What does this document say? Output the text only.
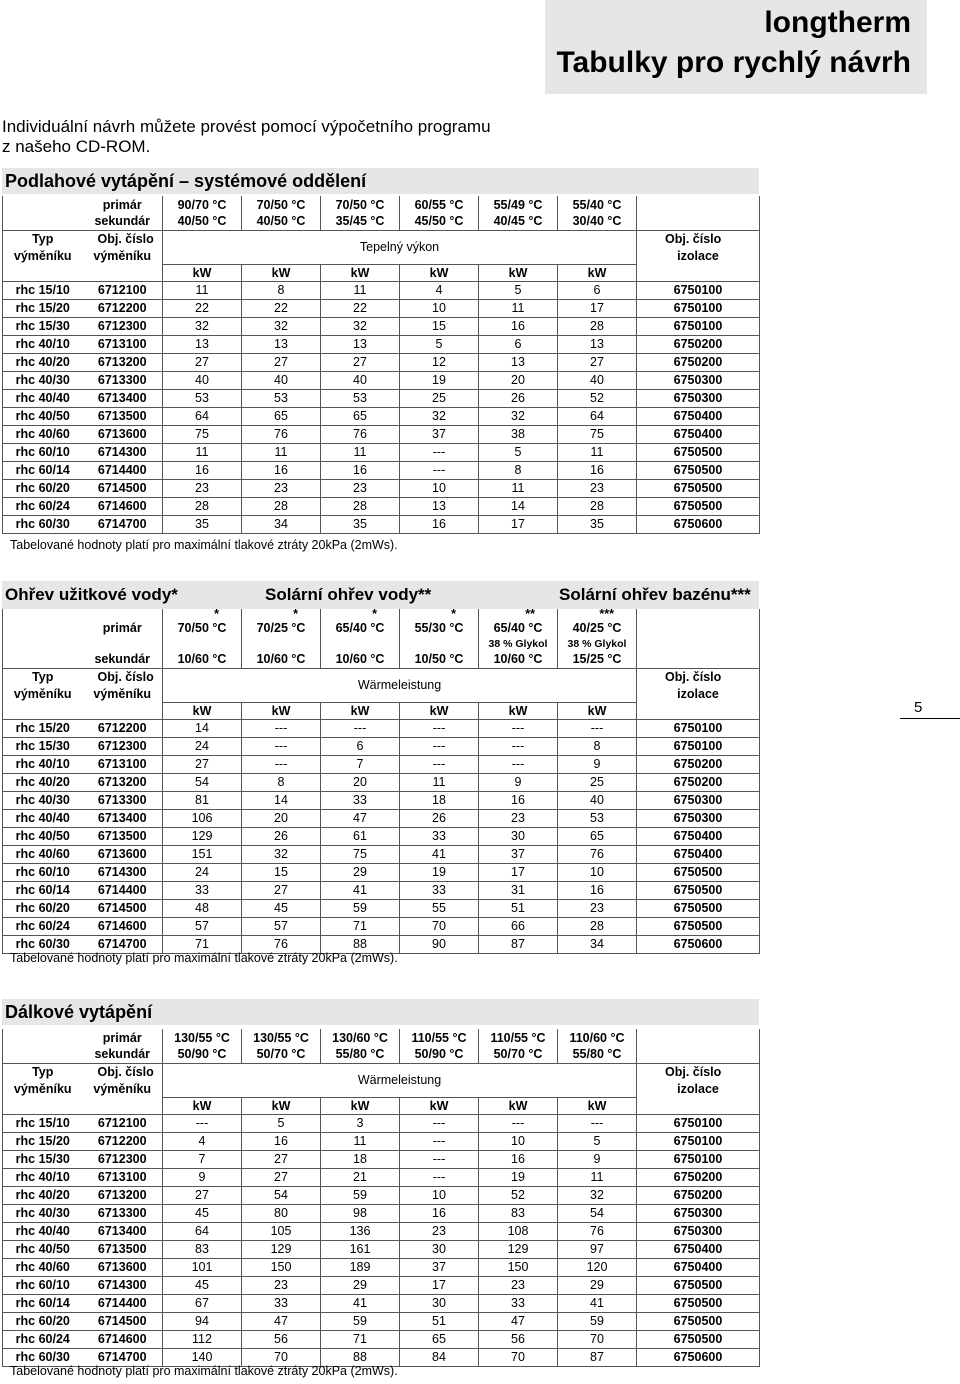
longtherm
Tabulky pro rychlý návrh
Individuální návrh můžete provést pomocí výpočetního programu
z našeho CD-ROM.
Podlahové vytápění – systémové oddělení
	primár	90/70 °C	70/50 °C	70/50 °C	60/55 °C	55/49 °C	55/40 °C	
	sekundár	40/50 °C	40/50 °C	35/45 °C	45/50 °C	40/45 °C	30/40 °C	
Typ	Obj. číslo	Tepelný výkon						Obj. číslo
výměníku	výměníku							izolace
		kW	kW	kW	kW	kW	kW	
rhc 15/10	6712100	11	8	11	4	5	6	6750100
rhc 15/20	6712200	22	22	22	10	11	17	6750100
rhc 15/30	6712300	32	32	32	15	16	28	6750100
rhc 40/10	6713100	13	13	13	5	6	13	6750200
rhc 40/20	6713200	27	27	27	12	13	27	6750200
rhc 40/30	6713300	40	40	40	19	20	40	6750300
rhc 40/40	6713400	53	53	53	25	26	52	6750300
rhc 40/50	6713500	64	65	65	32	32	64	6750400
rhc 40/60	6713600	75	76	76	37	38	75	6750400
rhc 60/10	6714300	11	11	11	---	5	11	6750500
rhc 60/14	6714400	16	16	16	---	8	16	6750500
rhc 60/20	6714500	23	23	23	10	11	23	6750500
rhc 60/24	6714600	28	28	28	13	14	28	6750500
rhc 60/30	6714700	35	34	35	16	17	35	6750600
Tabelované hodnoty platí pro maximální tlakové ztráty 20kPa (2mWs).
Ohřev užitkové vody*	Solární ohřev vody**	Solární ohřev bazénu***
		*	*	*	*	**	***	
	primár	70/50 °C	70/25 °C	65/40 °C	55/30 °C	65/40 °C	40/25 °C	
						38 % Glykol	38 % Glykol	
	sekundár	10/60 °C	10/60 °C	10/60 °C	10/50 °C	10/60 °C	15/25 °C	
Typ	Obj. číslo	Wärmeleistung						Obj. číslo
výměníku	výměníku							izolace
		kW	kW	kW	kW	kW	kW	
rhc 15/20	6712200	14	---	---	---	---	---	6750100
rhc 15/30	6712300	24	---	6	---	---	8	6750100
rhc 40/10	6713100	27	---	7	---	---	9	6750200
rhc 40/20	6713200	54	8	20	11	9	25	6750200
rhc 40/30	6713300	81	14	33	18	16	40	6750300
rhc 40/40	6713400	106	20	47	26	23	53	6750300
rhc 40/50	6713500	129	26	61	33	30	65	6750400
rhc 40/60	6713600	151	32	75	41	37	76	6750400
rhc 60/10	6714300	24	15	29	19	17	10	6750500
rhc 60/14	6714400	33	27	41	33	31	16	6750500
rhc 60/20	6714500	48	45	59	55	51	23	6750500
rhc 60/24	6714600	57	57	71	70	66	28	6750500
rhc 60/30	6714700	71	76	88	90	87	34	6750600
Tabelované hodnoty platí pro maximální tlakové ztráty 20kPa (2mWs).
5
Dálkové vytápění
	primár	130/55 °C	130/55 °C	130/60 °C	110/55 °C	110/55 °C	110/60 °C	
	sekundár	50/90 °C	50/70 °C	55/80 °C	50/90 °C	50/70 °C	55/80 °C	
Typ	Obj. číslo	Wärmeleistung						Obj. číslo
výměníku	výměníku							izolace
		kW	kW	kW	kW	kW	kW	
rhc 15/10	6712100	---	5	3	---	---	---	6750100
rhc 15/20	6712200	4	16	11	---	10	5	6750100
rhc 15/30	6712300	7	27	18	---	16	9	6750100
rhc 40/10	6713100	9	27	21	---	19	11	6750200
rhc 40/20	6713200	27	54	59	10	52	32	6750200
rhc 40/30	6713300	45	80	98	16	83	54	6750300
rhc 40/40	6713400	64	105	136	23	108	76	6750300
rhc 40/50	6713500	83	129	161	30	129	97	6750400
rhc 40/60	6713600	101	150	189	37	150	120	6750400
rhc 60/10	6714300	45	23	29	17	23	29	6750500
rhc 60/14	6714400	67	33	41	30	33	41	6750500
rhc 60/20	6714500	94	47	59	51	47	59	6750500
rhc 60/24	6714600	112	56	71	65	56	70	6750500
rhc 60/30	6714700	140	70	88	84	70	87	6750600
Tabelované hodnoty platí pro maximální tlakové ztráty 20kPa (2mWs).
